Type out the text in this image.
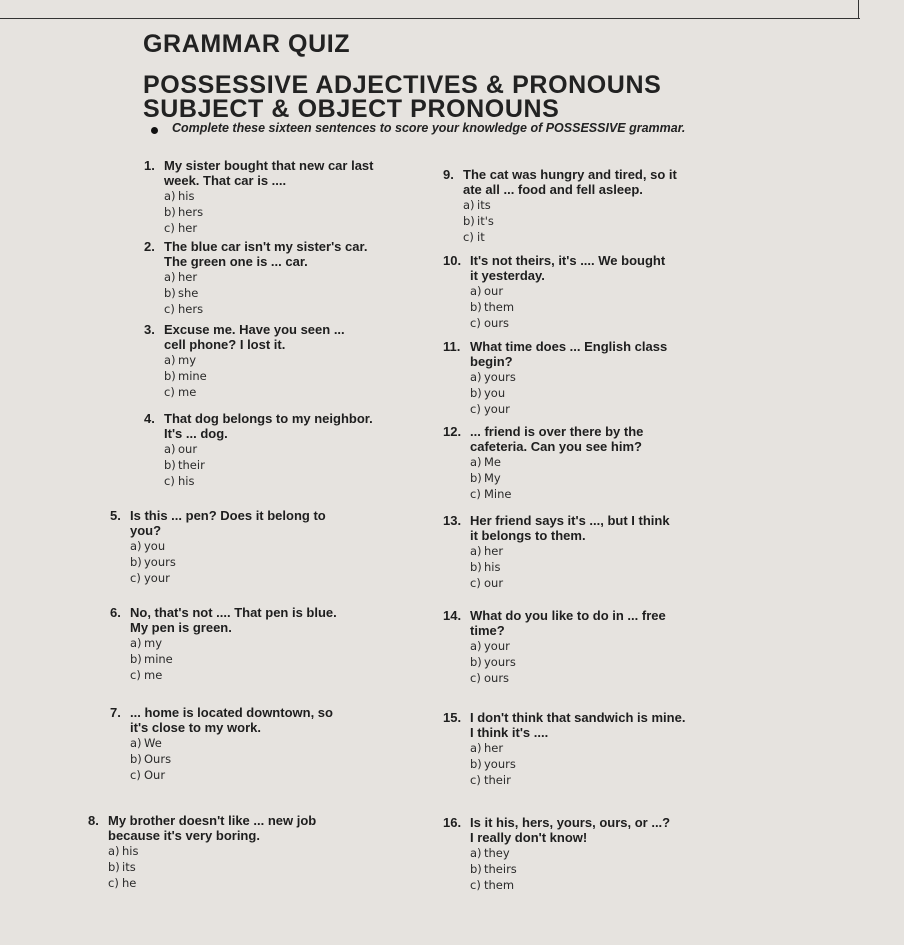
GRAMMAR QUIZ
POSSESSIVE ADJECTIVES & PRONOUNS
SUBJECT & OBJECT PRONOUNS
Complete these sixteen sentences to score your knowledge of POSSESSIVE grammar.
1.  My sister bought that new car last
week. That car is ....
a) his
b) hers
c) her
2.  The blue car isn't my sister's car.
The green one is ... car.
a) her
b) she
c) hers
3.  Excuse me. Have you seen ...
cell phone? I lost it.
a) my
b) mine
c) me
4.  That dog belongs to my neighbor.
It's ... dog.
a) our
b) their
c) his
5.  Is this ... pen? Does it belong to
you?
a) you
b) yours
c) your
6.  No, that's not .... That pen is blue.
My pen is green.
a) my
b) mine
c) me
7.  ... home is located downtown, so
it's close to my work.
a) We
b) Ours
c) Our
8.  My brother doesn't like ... new job
because it's very boring.
a) his
b) its
c) he
9.  The cat was hungry and tired, so it
ate all ... food and fell asleep.
a) its
b) it's
c) it
10.  It's not theirs, it's .... We bought
it yesterday.
a) our
b) them
c) ours
11.  What time does ... English class
begin?
a) yours
b) you
c) your
12.  ... friend is over there by the
cafeteria. Can you see him?
a) Me
b) My
c) Mine
13.  Her friend says it's ..., but I think
it belongs to them.
a) her
b) his
c) our
14.  What do you like to do in ... free
time?
a) your
b) yours
c) ours
15.  I don't think that sandwich is mine.
I think it's ....
a) her
b) yours
c) their
16.  Is it his, hers, yours, ours, or ...?
I really don't know!
a) they
b) theirs
c) them
